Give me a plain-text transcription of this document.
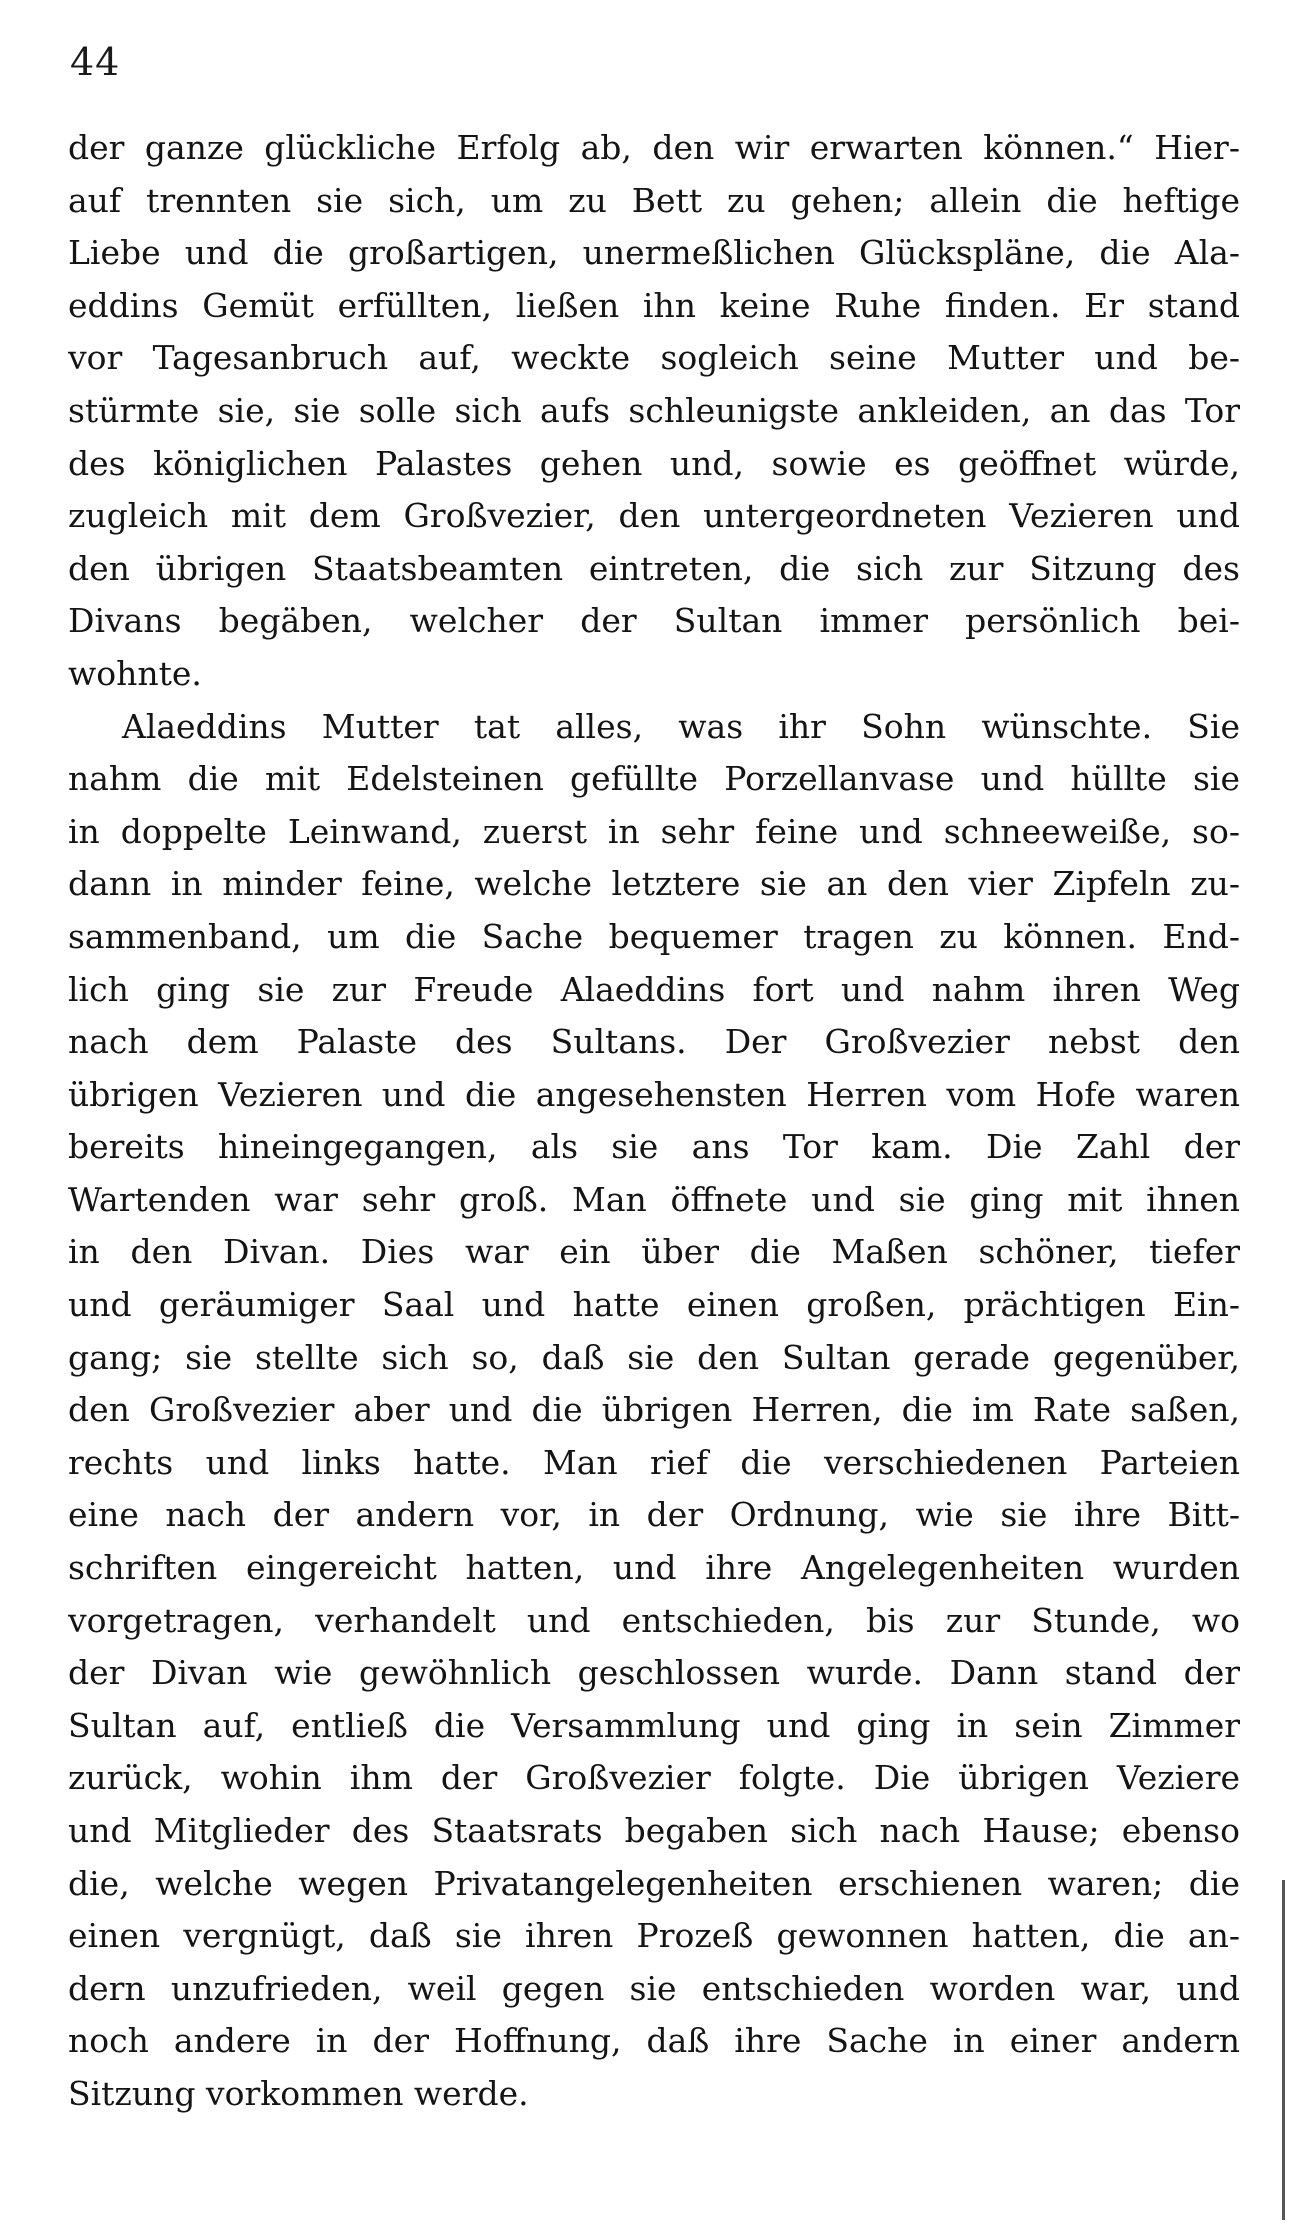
44
der ganze glückliche Erfolg ab, den wir erwarten können.“ Hier-
auf trennten sie sich, um zu Bett zu gehen; allein die heftige
Liebe und die großartigen, unermeßlichen Glückspläne, die Ala-
eddins Gemüt erfüllten, ließen ihn keine Ruhe finden. Er stand
vor Tagesanbruch auf, weckte sogleich seine Mutter und be-
stürmte sie, sie solle sich aufs schleunigste ankleiden, an das Tor
des königlichen Palastes gehen und, sowie es geöffnet würde,
zugleich mit dem Großvezier, den untergeordneten Vezieren und
den übrigen Staatsbeamten eintreten, die sich zur Sitzung des
Divans begäben, welcher der Sultan immer persönlich bei-
wohnte.
Alaeddins Mutter tat alles, was ihr Sohn wünschte. Sie
nahm die mit Edelsteinen gefüllte Porzellanvase und hüllte sie
in doppelte Leinwand, zuerst in sehr feine und schneeweiße, so-
dann in minder feine, welche letztere sie an den vier Zipfeln zu-
sammenband, um die Sache bequemer tragen zu können. End-
lich ging sie zur Freude Alaeddins fort und nahm ihren Weg
nach dem Palaste des Sultans. Der Großvezier nebst den
übrigen Vezieren und die angesehensten Herren vom Hofe waren
bereits hineingegangen, als sie ans Tor kam. Die Zahl der
Wartenden war sehr groß. Man öffnete und sie ging mit ihnen
in den Divan. Dies war ein über die Maßen schöner, tiefer
und geräumiger Saal und hatte einen großen, prächtigen Ein-
gang; sie stellte sich so, daß sie den Sultan gerade gegenüber,
den Großvezier aber und die übrigen Herren, die im Rate saßen,
rechts und links hatte. Man rief die verschiedenen Parteien
eine nach der andern vor, in der Ordnung, wie sie ihre Bitt-
schriften eingereicht hatten, und ihre Angelegenheiten wurden
vorgetragen, verhandelt und entschieden, bis zur Stunde, wo
der Divan wie gewöhnlich geschlossen wurde. Dann stand der
Sultan auf, entließ die Versammlung und ging in sein Zimmer
zurück, wohin ihm der Großvezier folgte. Die übrigen Veziere
und Mitglieder des Staatsrats begaben sich nach Hause; ebenso
die, welche wegen Privatangelegenheiten erschienen waren; die
einen vergnügt, daß sie ihren Prozeß gewonnen hatten, die an-
dern unzufrieden, weil gegen sie entschieden worden war, und
noch andere in der Hoffnung, daß ihre Sache in einer andern
Sitzung vorkommen werde.
